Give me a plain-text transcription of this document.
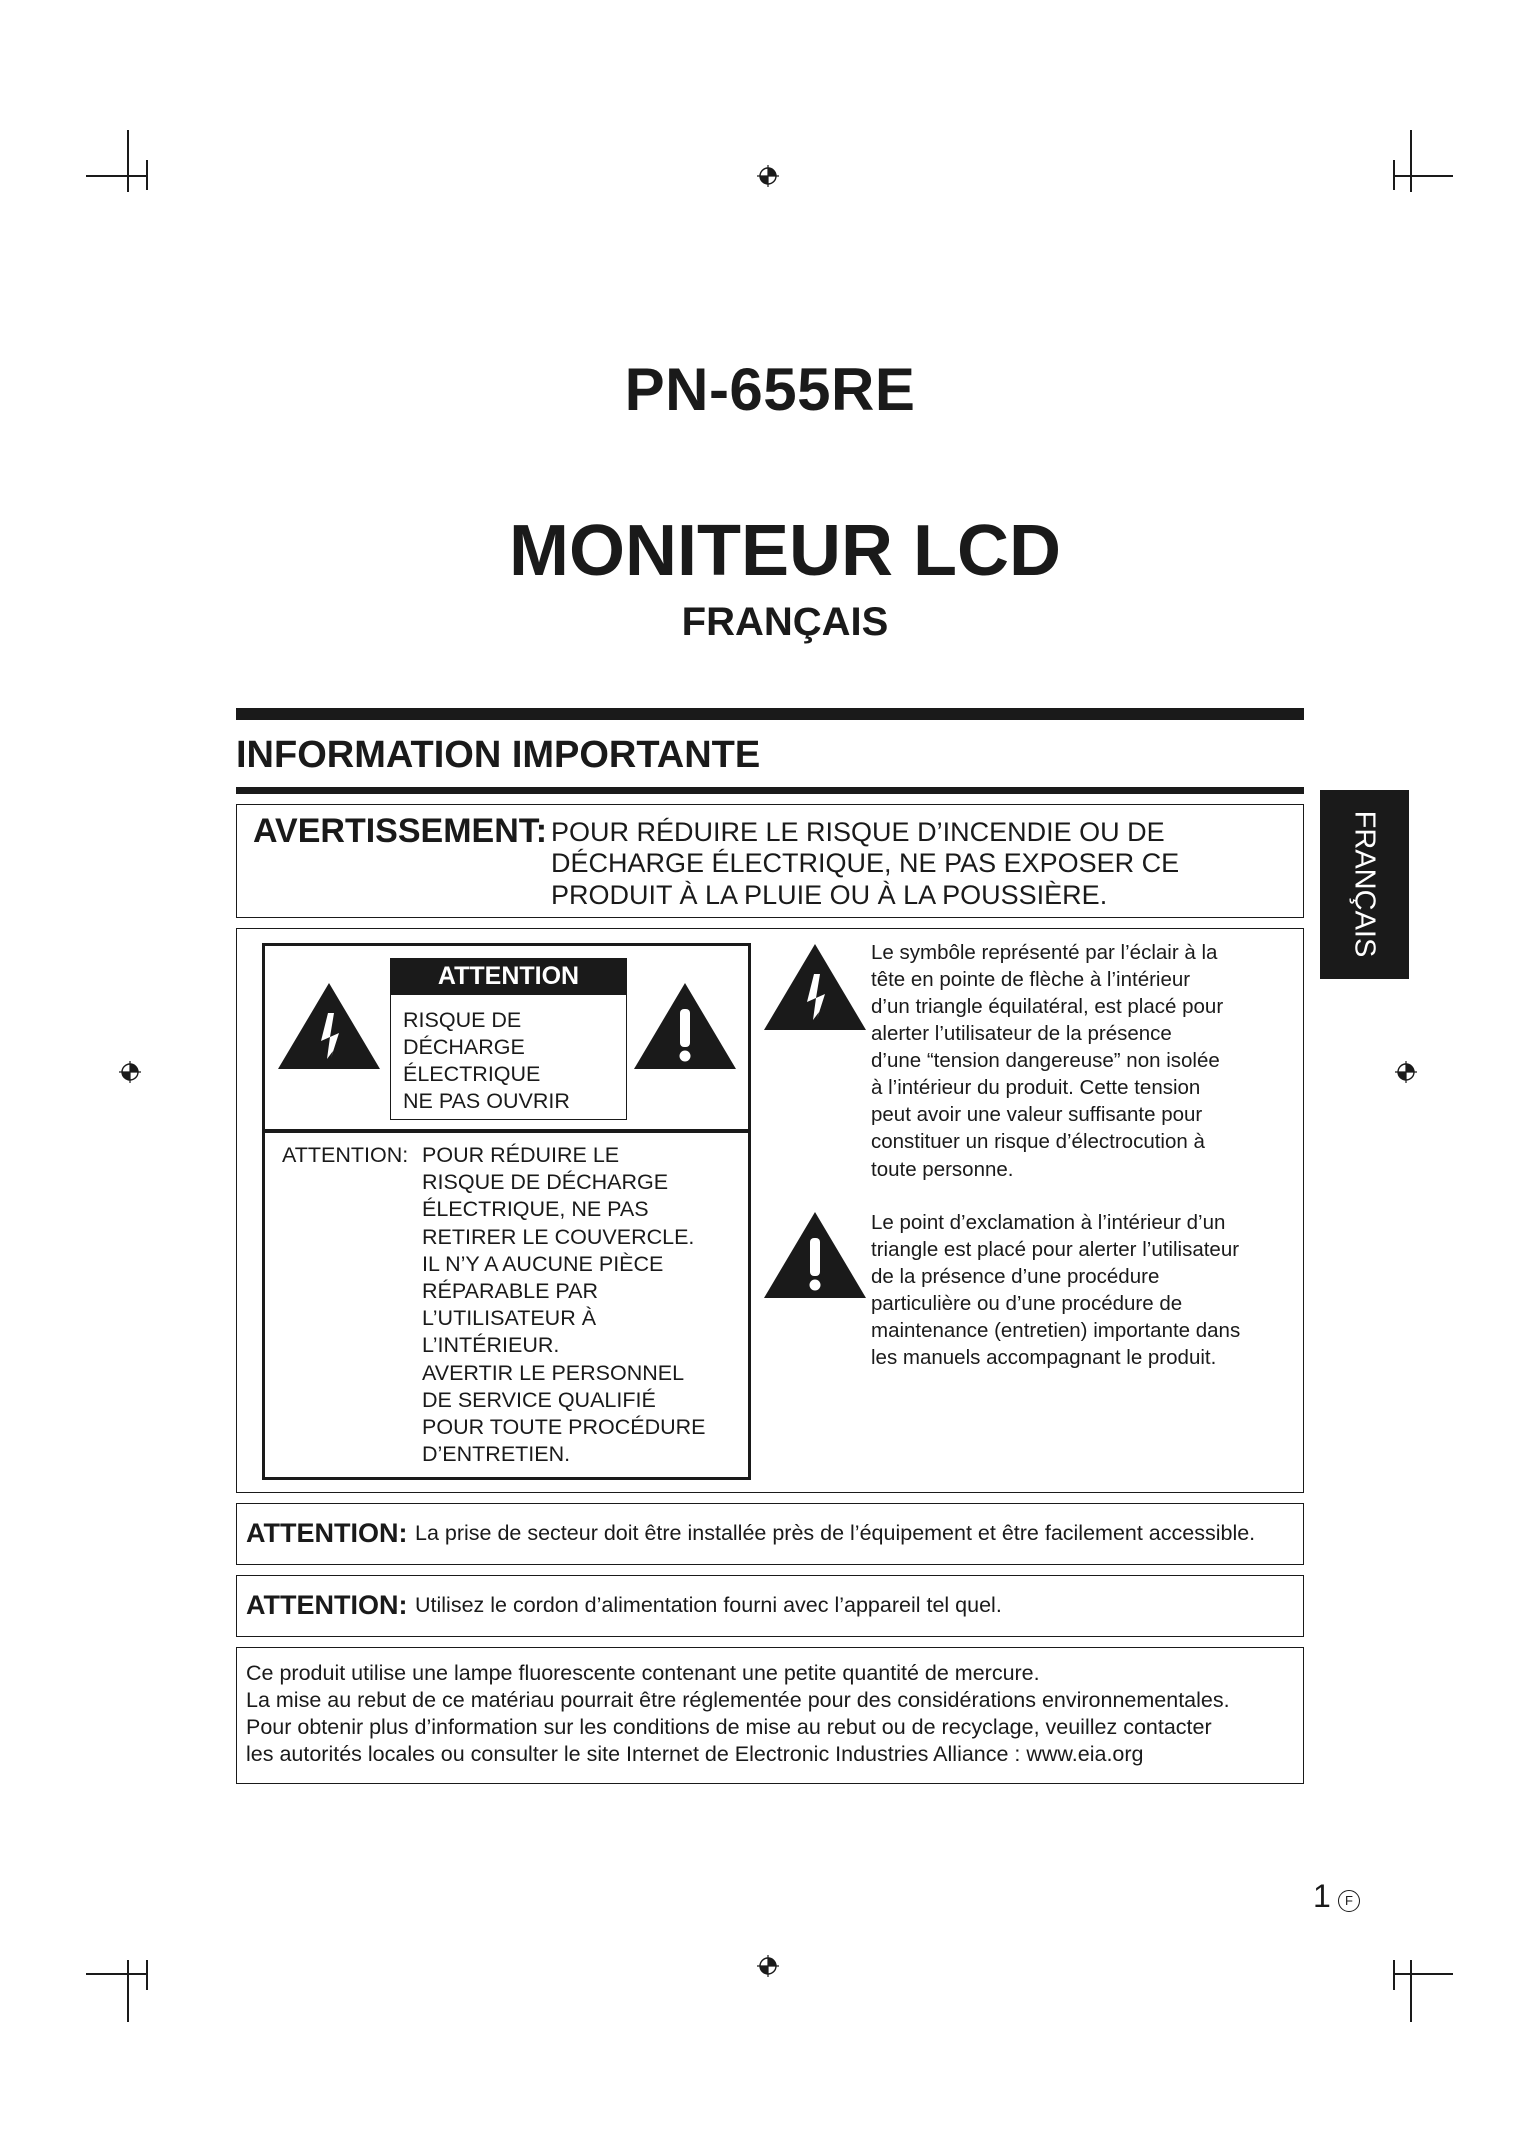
PN-655RE
MONITEUR LCD
FRANÇAIS
FRANÇAIS
INFORMATION IMPORTANTE
AVERTISSEMENT: POUR RÉDUIRE LE RISQUE D’INCENDIE OU DE
DÉCHARGE ÉLECTRIQUE, NE PAS EXPOSER CE
PRODUIT À LA PLUIE OU À LA POUSSIÈRE.
ATTENTION
RISQUE DE
DÉCHARGE
ÉLECTRIQUE
NE PAS OUVRIR
ATTENTION: POUR RÉDUIRE LE
RISQUE DE DÉCHARGE
ÉLECTRIQUE, NE PAS
RETIRER LE COUVERCLE.
IL N’Y A AUCUNE PIÈCE
RÉPARABLE PAR
L’UTILISATEUR À
L’INTÉRIEUR.
AVERTIR LE PERSONNEL
DE SERVICE QUALIFIÉ
POUR TOUTE PROCÉDURE
D’ENTRETIEN.
Le symbôle représenté par l’éclair à la
tête en pointe de flèche à l’intérieur
d’un triangle équilatéral, est placé pour
alerter l’utilisateur de la présence
d’une “tension dangereuse” non isolée
à l’intérieur du produit. Cette tension
peut avoir une valeur suffisante pour
constituer un risque d’électrocution à
toute personne.
Le point d’exclamation à l’intérieur d’un
triangle est placé pour alerter l’utilisateur
de la présence d’une procédure
particulière ou d’une procédure de
maintenance (entretien) importante dans
les manuels accompagnant le produit.
ATTENTION: La prise de secteur doit être installée près de l’équipement et être facilement accessible.
ATTENTION: Utilisez le cordon d’alimentation fourni avec l’appareil tel quel.
Ce produit utilise une lampe fluorescente contenant une petite quantité de mercure.
La mise au rebut de ce matériau pourrait être réglementée pour des considérations environnementales.
Pour obtenir plus d’information sur les conditions de mise au rebut ou de recyclage, veuillez contacter
les autorités locales ou consulter le site Internet de Electronic Industries Alliance : www.eia.org
1	F
